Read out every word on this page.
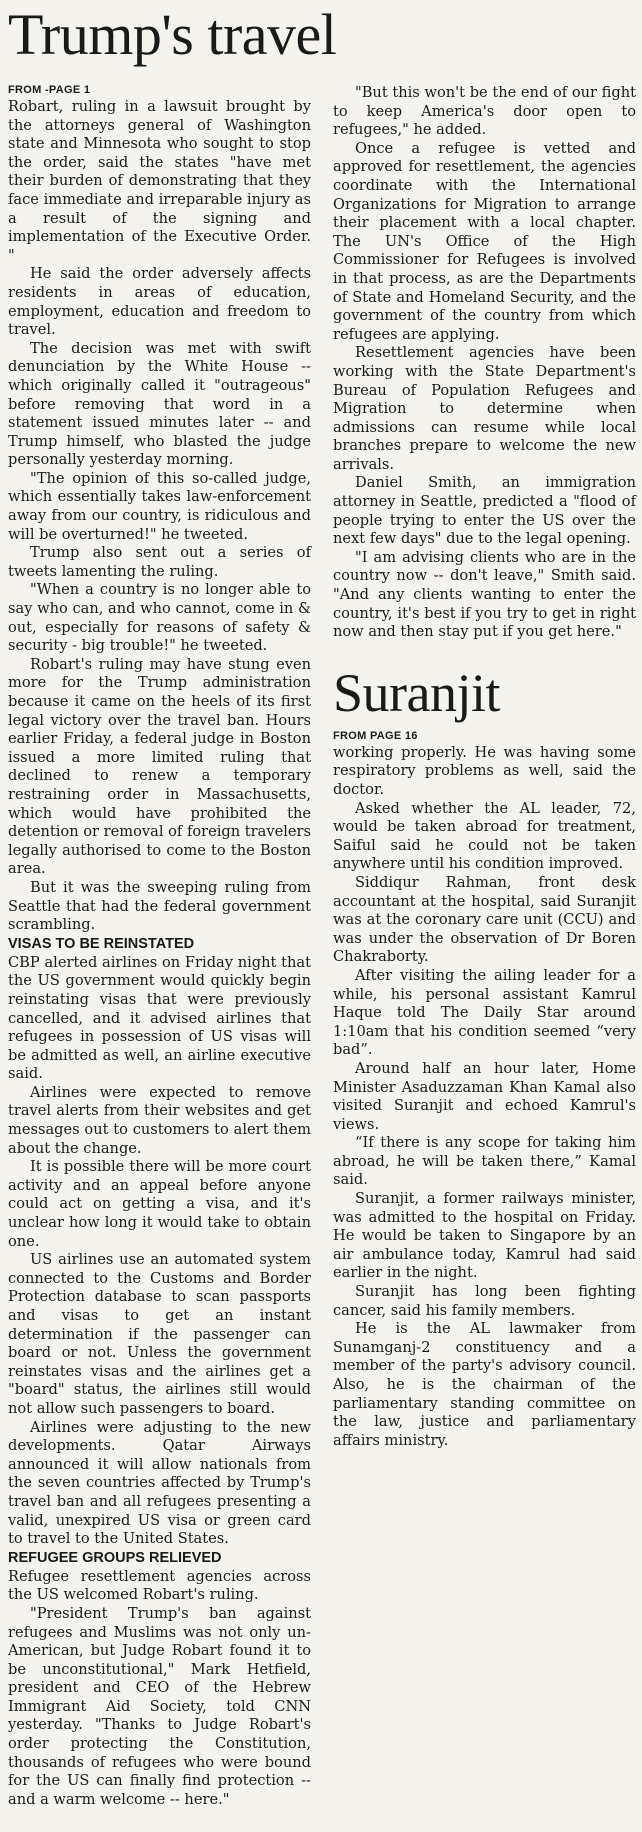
Trump's travel
FROM -PAGE 1

Robart, ruling in a lawsuit brought by the attorneys general of Washington state and Minnesota who sought to stop the order, said the states "have met their burden of demonstrating that they face immediate and irreparable injury as a result of the signing and implementation of the Executive Order. "

He said the order adversely affects residents in areas of education, employment, education and freedom to travel.

The decision was met with swift denunciation by the White House -- which originally called it "outrageous" before removing that word in a statement issued minutes later -- and Trump himself, who blasted the judge personally yesterday morning.

"The opinion of this so-called judge, which essentially takes law-enforcement away from our country, is ridiculous and will be overturned!" he tweeted.

Trump also sent out a series of tweets lamenting the ruling.

"When a country is no longer able to say who can, and who cannot, come in & out, especially for reasons of safety & security - big trouble!" he tweeted.

Robart's ruling may have stung even more for the Trump administration because it came on the heels of its first legal victory over the travel ban. Hours earlier Friday, a federal judge in Boston issued a more limited ruling that declined to renew a temporary restraining order in Massachusetts, which would have prohibited the detention or removal of foreign travelers legally authorised to come to the Boston area.

But it was the sweeping ruling from Seattle that had the federal government scrambling.

VISAS TO BE REINSTATED

CBP alerted airlines on Friday night that the US government would quickly begin reinstating visas that were previously cancelled, and it advised airlines that refugees in possession of US visas will be admitted as well, an airline executive said.

Airlines were expected to remove travel alerts from their websites and get messages out to customers to alert them about the change.

It is possible there will be more court activity and an appeal before anyone could act on getting a visa, and it's unclear how long it would take to obtain one.

US airlines use an automated system connected to the Customs and Border Protection database to scan passports and visas to get an instant determination if the passenger can board or not. Unless the government reinstates visas and the airlines get a "board" status, the airlines still would not allow such passengers to board.

Airlines were adjusting to the new developments. Qatar Airways announced it will allow nationals from the seven countries affected by Trump's travel ban and all refugees presenting a valid, unexpired US visa or green card to travel to the United States.

REFUGEE GROUPS RELIEVED

Refugee resettlement agencies across the US welcomed Robart's ruling.

"President Trump's ban against refugees and Muslims was not only un-American, but Judge Robart found it to be unconstitutional," Mark Hetfield, president and CEO of the Hebrew Immigrant Aid Society, told CNN yesterday. "Thanks to Judge Robart's order protecting the Constitution, thousands of refugees who were bound for the US can finally find protection -- and a warm welcome -- here."

"But this won't be the end of our fight to keep America's door open to refugees," he added.

Once a refugee is vetted and approved for resettlement, the agencies coordinate with the International Organizations for Migration to arrange their placement with a local chapter. The UN's Office of the High Commissioner for Refugees is involved in that process, as are the Departments of State and Homeland Security, and the government of the country from which refugees are applying.

Resettlement agencies have been working with the State Department's Bureau of Population Refugees and Migration to determine when admissions can resume while local branches prepare to welcome the new arrivals.

Daniel Smith, an immigration attorney in Seattle, predicted a "flood of people trying to enter the US over the next few days" due to the legal opening.

"I am advising clients who are in the country now -- don't leave," Smith said. "And any clients wanting to enter the country, it's best if you try to get in right now and then stay put if you get here."

Suranjit
FROM PAGE 16

working properly. He was having some respiratory problems as well, said the doctor.

Asked whether the AL leader, 72, would be taken abroad for treatment, Saiful said he could not be taken anywhere until his condition improved.

Siddiqur Rahman, front desk accountant at the hospital, said Suranjit was at the coronary care unit (CCU) and was under the observation of Dr Boren Chakraborty.

After visiting the ailing leader for a while, his personal assistant Kamrul Haque told The Daily Star around 1:10am that his condition seemed “very bad”.

Around half an hour later, Home Minister Asaduzzaman Khan Kamal also visited Suranjit and echoed Kamrul's views.

“If there is any scope for taking him abroad, he will be taken there,” Kamal said.

Suranjit, a former railways minister, was admitted to the hospital on Friday. He would be taken to Singapore by an air ambulance today, Kamrul had said earlier in the night.

Suranjit has long been fighting cancer, said his family members.

He is the AL lawmaker from Sunamganj-2 constituency and a member of the party's advisory council. Also, he is the chairman of the parliamentary standing committee on the law, justice and parliamentary affairs ministry.
